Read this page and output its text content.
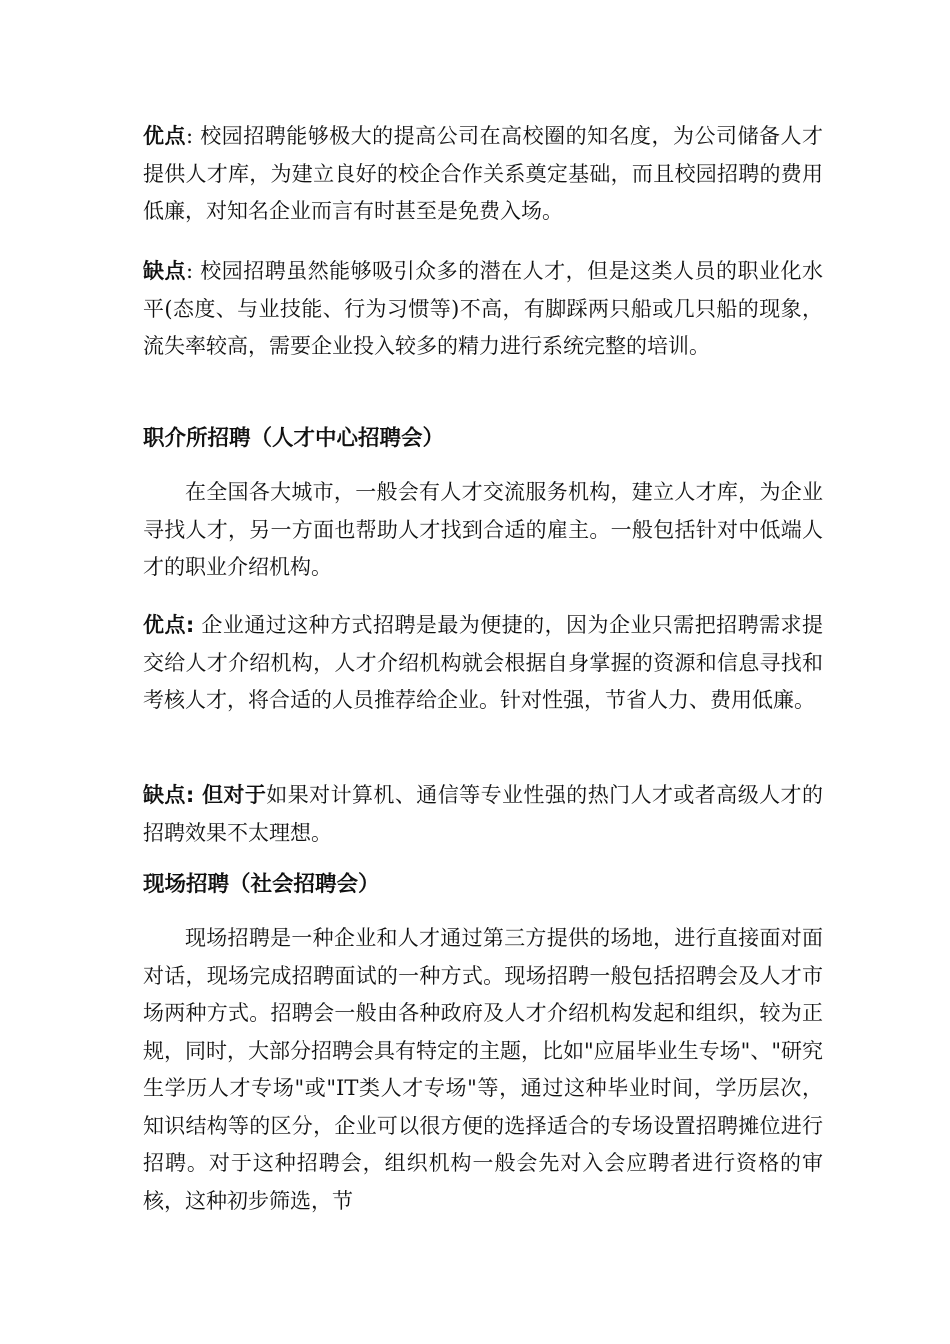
优点: 校园招聘能够极大的提高公司在高校圈的知名度，为公司储备人才提供人才库，为建立良好的校企合作关系奠定基础，而且校园招聘的费用低廉，对知名企业而言有时甚至是免费入场。

缺点: 校园招聘虽然能够吸引众多的潜在人才，但是这类人员的职业化水平(态度、与业技能、行为习惯等)不高，有脚踩两只船或几只船的现象，流失率较高，需要企业投入较多的精力进行系统完整的培训。

职介所招聘（人才中心招聘会）

在全国各大城市，一般会有人才交流服务机构，建立人才库，为企业寻找人才，另一方面也帮助人才找到合适的雇主。一般包括针对中低端人才的职业介绍机构。

优点: 企业通过这种方式招聘是最为便捷的，因为企业只需把招聘需求提交给人才介绍机构，人才介绍机构就会根据自身掌握的资源和信息寻找和考核人才，将合适的人员推荐给企业。针对性强，节省人力、费用低廉。

缺点: 但对于如果对计算机、通信等专业性强的热门人才或者高级人才的招聘效果不太理想。

现场招聘（社会招聘会）

现场招聘是一种企业和人才通过第三方提供的场地，进行直接面对面对话，现场完成招聘面试的一种方式。现场招聘一般包括招聘会及人才市场两种方式。招聘会一般由各种政府及人才介绍机构发起和组织，较为正规，同时，大部分招聘会具有特定的主题，比如"应届毕业生专场"、"研究生学历人才专场"或"IT类人才专场"等，通过这种毕业时间，学历层次，知识结构等的区分，企业可以很方便的选择适合的专场设置招聘摊位进行招聘。对于这种招聘会，组织机构一般会先对入会应聘者进行资格的审核，这种初步筛选，节
